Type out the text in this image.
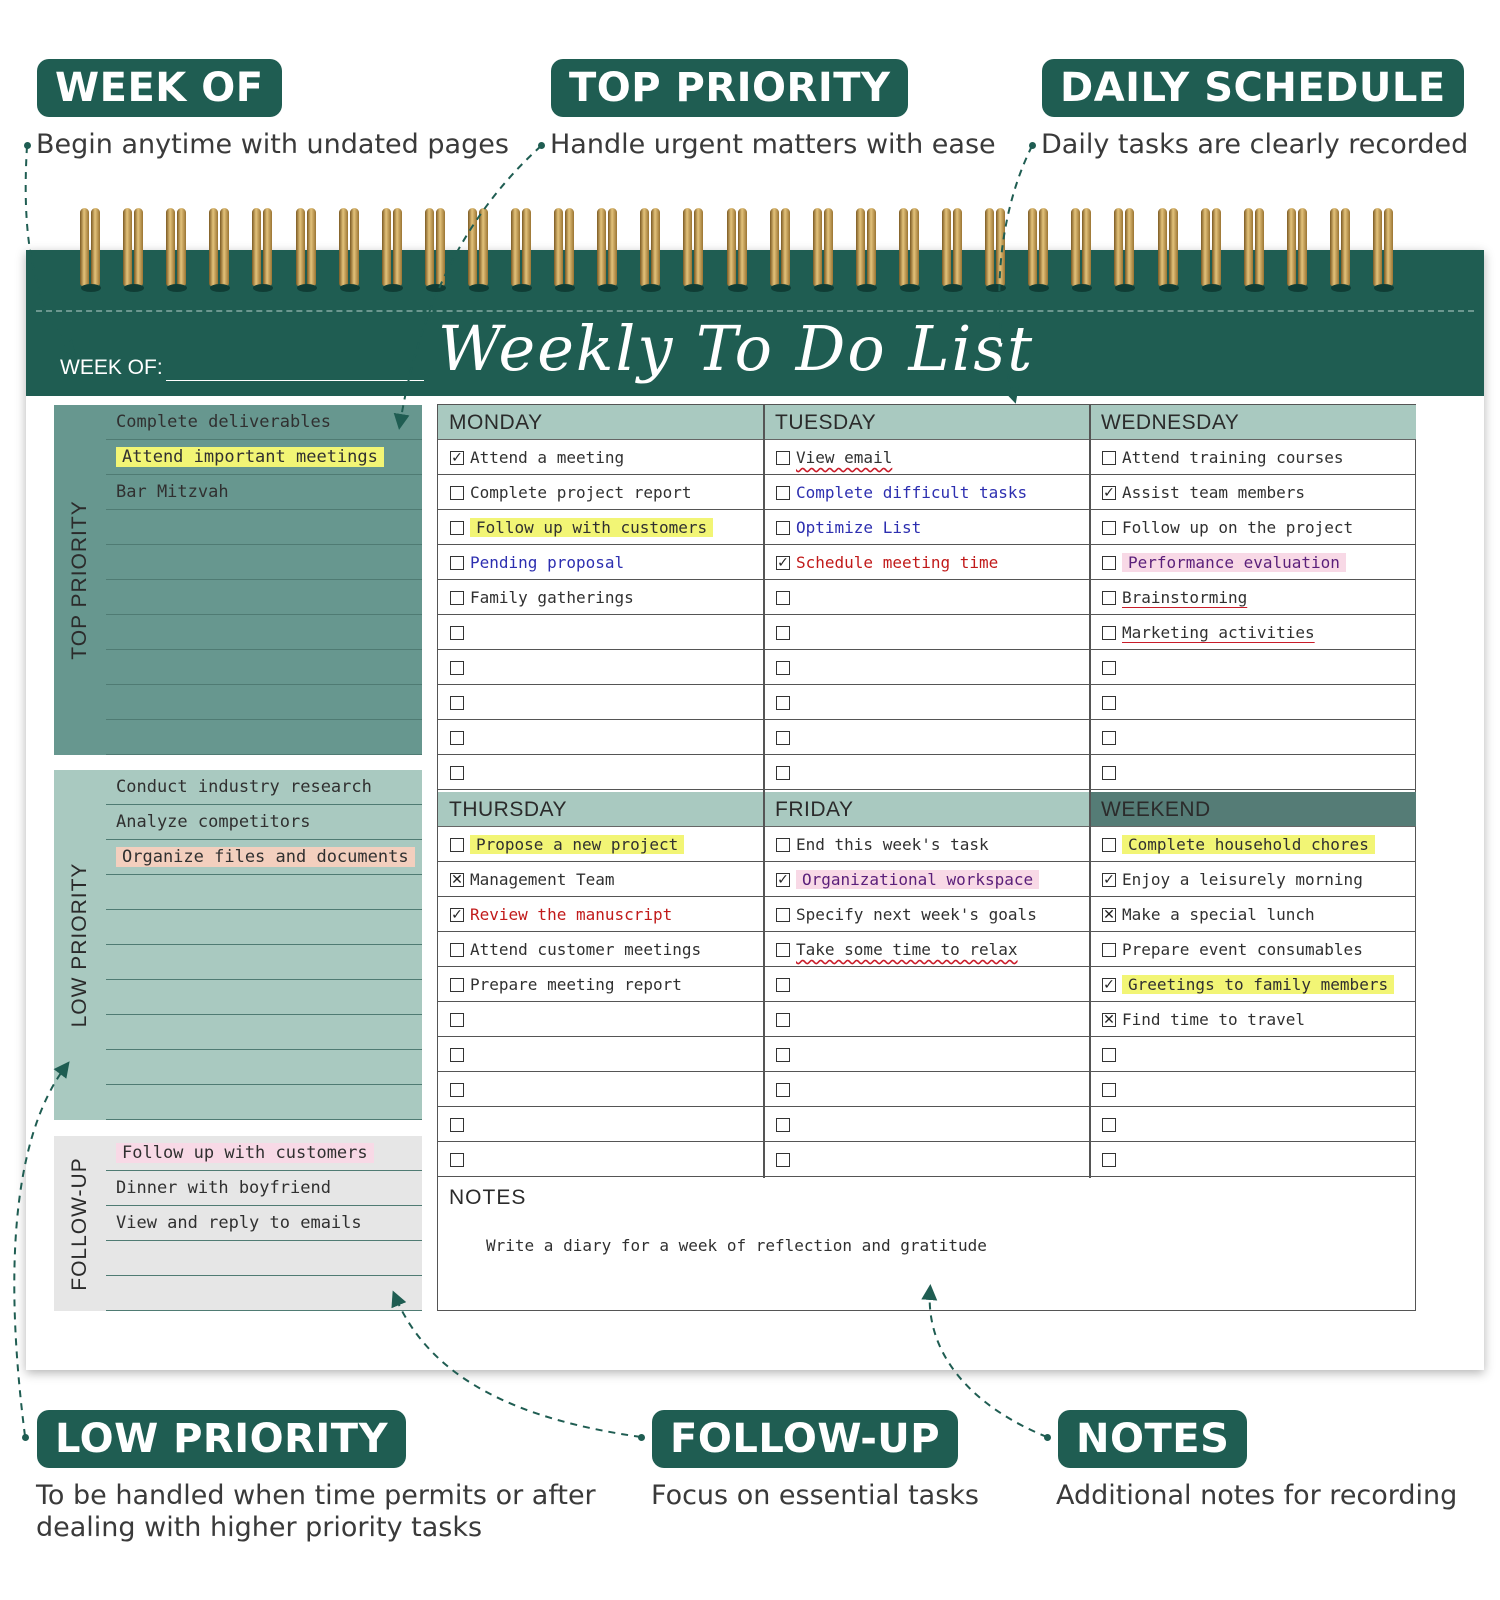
WEEK OF
Begin anytime with undated pages
TOP PRIORITY
Handle urgent matters with ease
DAILY SCHEDULE
Daily tasks are clearly recorded
LOW PRIORITY
To be handled when time permits or after
dealing with higher priority tasks
FOLLOW-UP
Focus on essential tasks
NOTES
Additional notes for recording
WEEK OF:	Weekly To Do List
TOP PRIORITY
Complete deliverables
Attend important meetings
Bar Mitzvah
LOW PRIORITY
Conduct industry research
Analyze competitors
Organize files and documents
FOLLOW-UP
Follow up with customers
Dinner with boyfriend
View and reply to emails
MONDAY
✓ Attend a meeting
Complete project report
Follow up with customers
Pending proposal
Family gatherings
TUESDAY
View email
Complete difficult tasks
Optimize List
✓ Schedule meeting time
WEDNESDAY
Attend training courses
✓ Assist team members
Follow up on the project
Performance evaluation
Brainstorming
Marketing activities
THURSDAY
Propose a new project
✕ Management Team
✓ Review the manuscript
Attend customer meetings
Prepare meeting report
FRIDAY
End this week's task
✓ Organizational workspace
Specify next week's goals
Take some time to relax
WEEKEND
Complete household chores
✓ Enjoy a leisurely morning
✕ Make a special lunch
Prepare event consumables
✓ Greetings to family members
✕ Find time to travel
NOTES
Write a diary for a week of reflection and gratitude
